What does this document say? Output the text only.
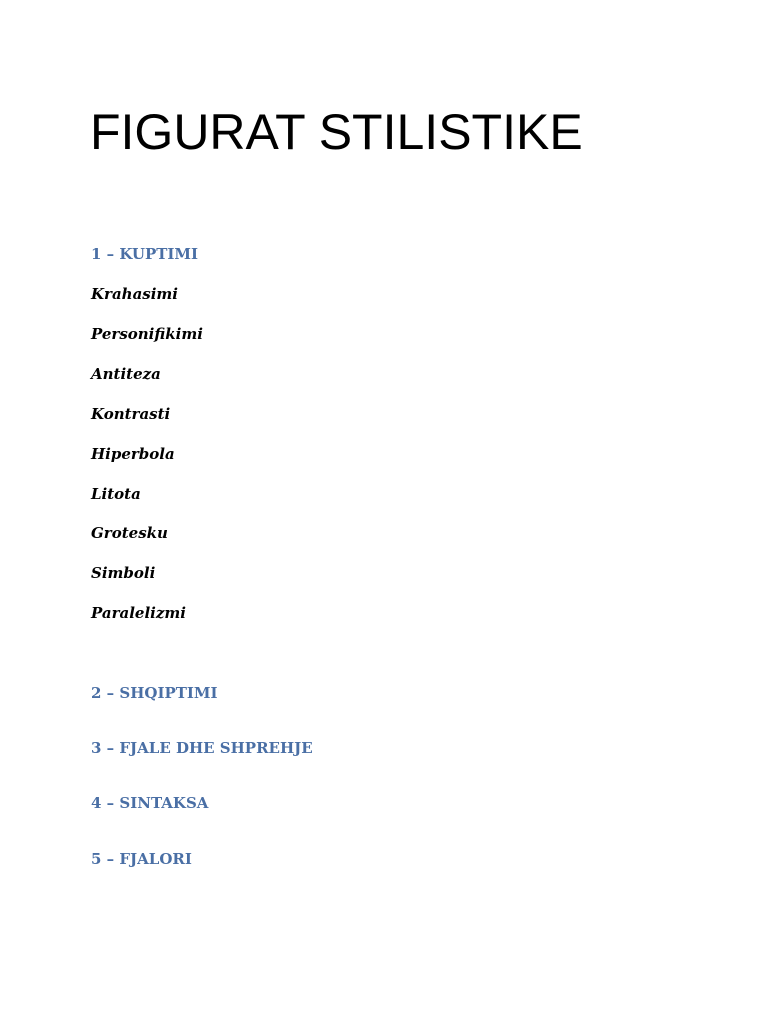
FIGURAT STILISTIKE

1 – KUPTIMI

Krahasimi

Personifikimi

Antiteza

Kontrasti

Hiperbola

Litota

Grotesku

Simboli

Paralelizmi

2 – SHQIPTIMI

3 – FJALE DHE SHPREHJE

4 – SINTAKSA

5 – FJALORI
